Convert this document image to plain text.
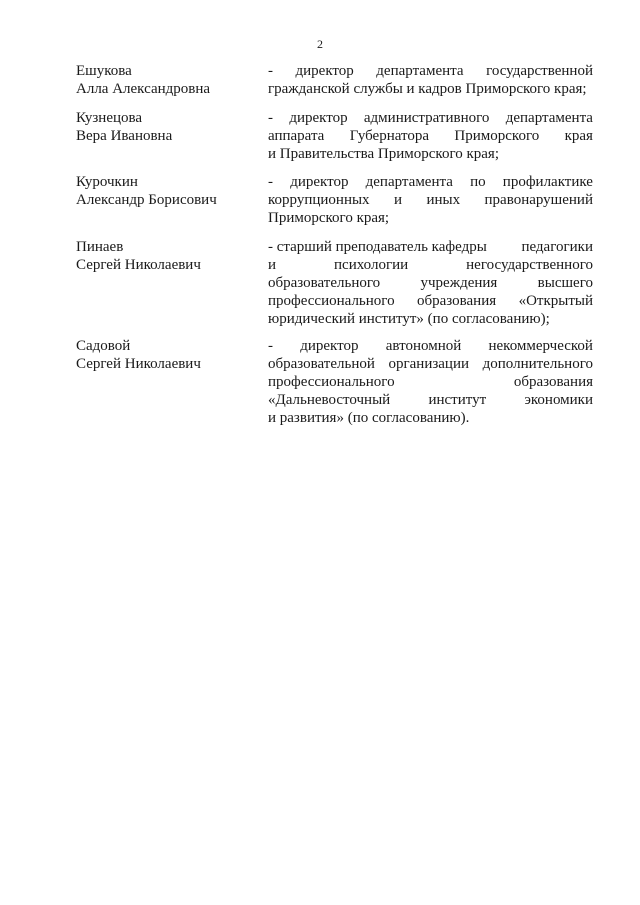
2
Ешукова
Алла Александровна
- директор департамента государственной
гражданской службы и кадров Приморского края;
Кузнецова
Вера Ивановна
- директор административного департамента
аппарата Губернатора Приморского края
и Правительства Приморского края;
Курочкин
Александр Борисович
- директор департамента по профилактике
коррупционных и иных правонарушений
Приморского края;
Пинаев
Сергей Николаевич
- старший преподаватель кафедры педагогики
и	психологии	негосударственного
образовательного	учреждения	высшего
профессионального образования «Открытый
юридический институт» (по согласованию);
Садовой
Сергей Николаевич
- директор автономной некоммерческой
образовательной организации дополнительного
профессионального	образования
«Дальневосточный	институт	экономики
и развития» (по согласованию).
